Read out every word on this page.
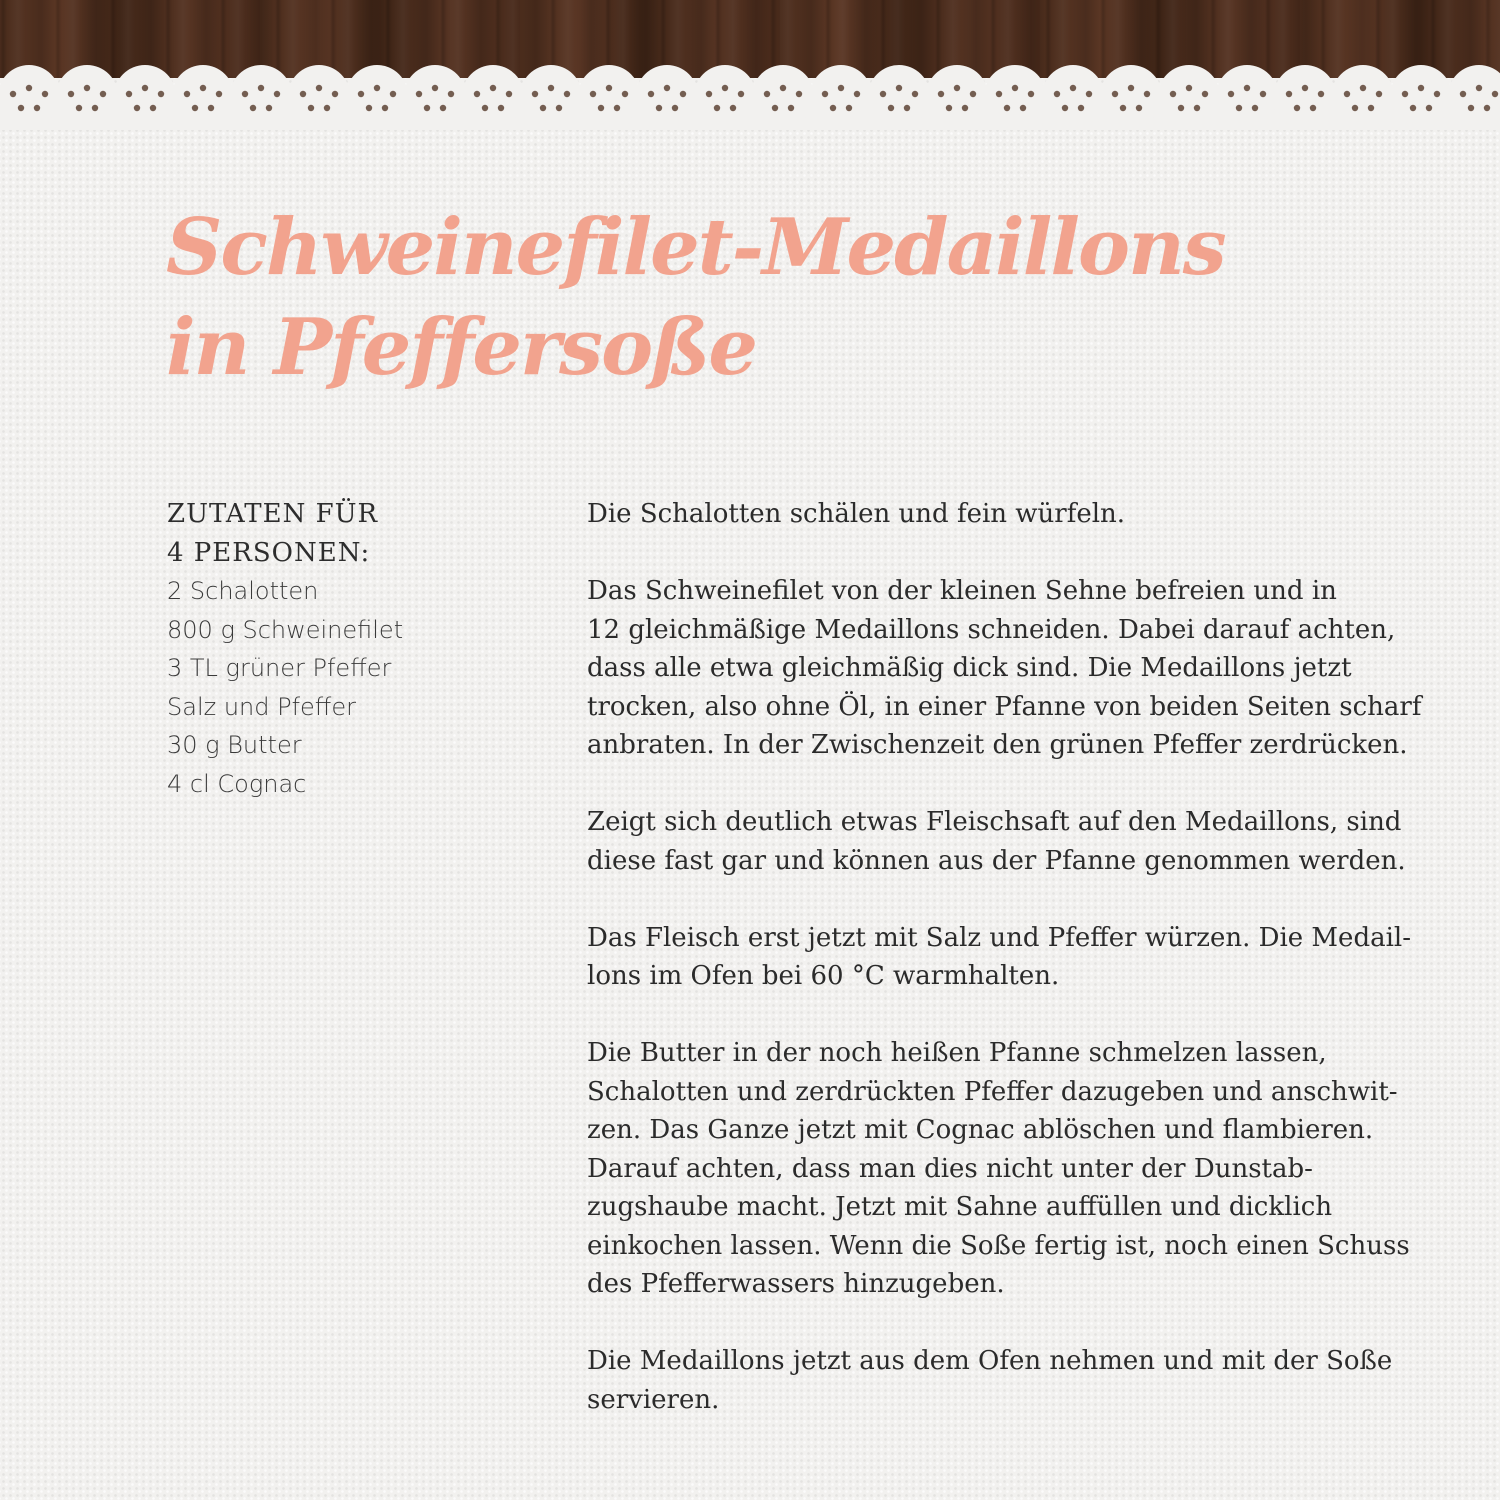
Schweinefilet-Medaillons
in Pfeffersoße
ZUTATEN FÜR
4 PERSONEN:
2 Schalotten
800 g Schweinefilet
3 TL grüner Pfeffer
Salz und Pfeffer
30 g Butter
4 cl Cognac

Die Schalotten schälen und fein würfeln.

Das Schweinefilet von der kleinen Sehne befreien und in
12 gleichmäßige Medaillons schneiden. Dabei darauf achten,
dass alle etwa gleichmäßig dick sind. Die Medaillons jetzt
trocken, also ohne Öl, in einer Pfanne von beiden Seiten scharf
anbraten. In der Zwischenzeit den grünen Pfeffer zerdrücken.

Zeigt sich deutlich etwas Fleischsaft auf den Medaillons, sind
diese fast gar und können aus der Pfanne genommen werden.

Das Fleisch erst jetzt mit Salz und Pfeffer würzen. Die Medail-
lons im Ofen bei 60 °C warmhalten.

Die Butter in der noch heißen Pfanne schmelzen lassen,
Schalotten und zerdrückten Pfeffer dazugeben und anschwit-
zen. Das Ganze jetzt mit Cognac ablöschen und flambieren.
Darauf achten, dass man dies nicht unter der Dunstab-
zugshaube macht. Jetzt mit Sahne auffüllen und dicklich
einkochen lassen. Wenn die Soße fertig ist, noch einen Schuss
des Pfefferwassers hinzugeben.

Die Medaillons jetzt aus dem Ofen nehmen und mit der Soße
servieren.
